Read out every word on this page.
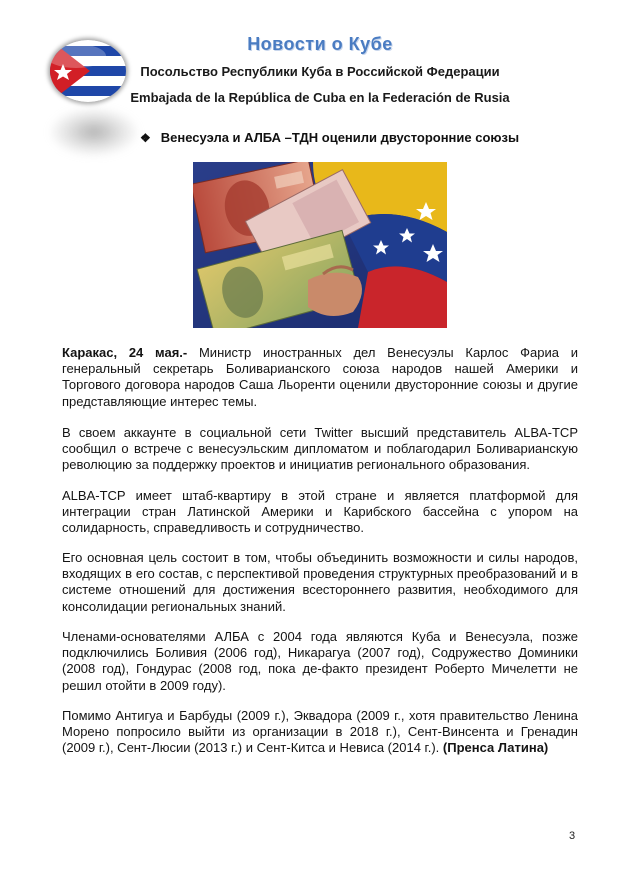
Новости о Кубе
Посольство Республики Куба в Российской Федерации
Embajada de la República de Cuba en la Federación de Rusia
❖ Венесуэла и АЛБА –ТДН оценили двусторонние союзы
Каракас, 24 мая.- Министр иностранных дел Венесуэлы Карлос Фариа и генеральный секретарь Боливарианского союза народов нашей Америки и Торгового договора народов Саша Льоренти оценили двусторонние союзы и другие представляющие интерес темы.
В своем аккаунте в социальной сети Twitter высший представитель ALBA-TCP сообщил о встрече с венесуэльским дипломатом и поблагодарил Боливарианскую революцию за поддержку проектов и инициатив регионального образования.
ALBA-TCP имеет штаб-квартиру в этой стране и является платформой для интеграции стран Латинской Америки и Карибского бассейна с упором на солидарность, справедливость и сотрудничество.
Его основная цель состоит в том, чтобы объединить возможности и силы народов, входящих в его состав, с перспективой проведения структурных преобразований и в системе отношений для достижения всестороннего развития, необходимого для консолидации региональных знаний.
Членами-основателями АЛБА с 2004 года являются Куба и Венесуэла, позже подключились Боливия (2006 год), Никарагуа (2007 год), Содружество Доминики (2008 год), Гондурас (2008 год, пока де-факто президент Роберто Мичелетти не решил отойти в 2009 году).
Помимо Антигуа и Барбуды (2009 г.), Эквадора (2009 г., хотя правительство Ленина Морено попросило выйти из организации в 2018 г.), Сент-Винсента и Гренадин (2009 г.), Сент-Люсии (2013 г.) и Сент-Китса и Невиса (2014 г.). (Пренса Латина)
3
